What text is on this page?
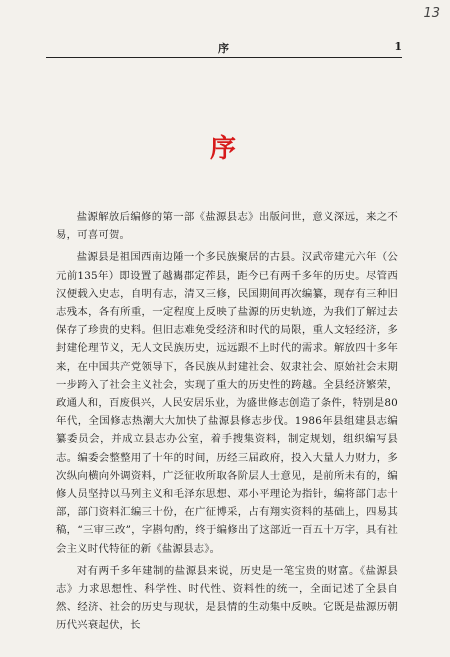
13
序	1
序

盐源解放后编修的第一部《盐源县志》出版问世，意义深远，来之不易，可喜可贺。

盐源县是祖国西南边陲一个多民族聚居的古县。汉武帝建元六年（公元前135年）即设置了越巂郡定莋县，距今已有两千多年的历史。尽管西汉便载入史志，自明有志，清又三修，民国期间再次编纂，现存有三种旧志残本，各有所重，一定程度上反映了盐源的历史轨迹，为我们了解过去保存了珍贵的史料。但旧志难免受经济和时代的局限，重人文轻经济，多封建伦理节义，无人文民族历史，远远跟不上时代的需求。解放四十多年来，在中国共产党领导下，各民族从封建社会、奴隶社会、原始社会末期一步跨入了社会主义社会，实现了重大的历史性的跨越。全县经济繁荣，政通人和，百废俱兴，人民安居乐业，为盛世修志创造了条件，特别是80年代，全国修志热潮大大加快了盐源县修志步伐。1986年县组建县志编纂委员会，并成立县志办公室，着手搜集资料，制定规划，组织编写县志。编委会整整用了十年的时间，历经三届政府，投入大量人力财力，多次纵向横向外调资料，广泛征收所取各阶层人士意见，是前所未有的，编修人员坚持以马列主义和毛泽东思想、邓小平理论为指针，编将部门志十部，部门资料汇编三十份，在广征博采，占有翔实资料的基础上，四易其稿，“三审三改”，字斟句酌，终于编修出了这部近一百五十万字，具有社会主义时代特征的新《盐源县志》。

对有两千多年建制的盐源县来说，历史是一笔宝贵的财富。《盐源县志》力求思想性、科学性、时代性、资料性的统一，全面记述了全县自然、经济、社会的历史与现状，是县情的生动集中反映。它既是盐源历朝历代兴衰起伏，长
